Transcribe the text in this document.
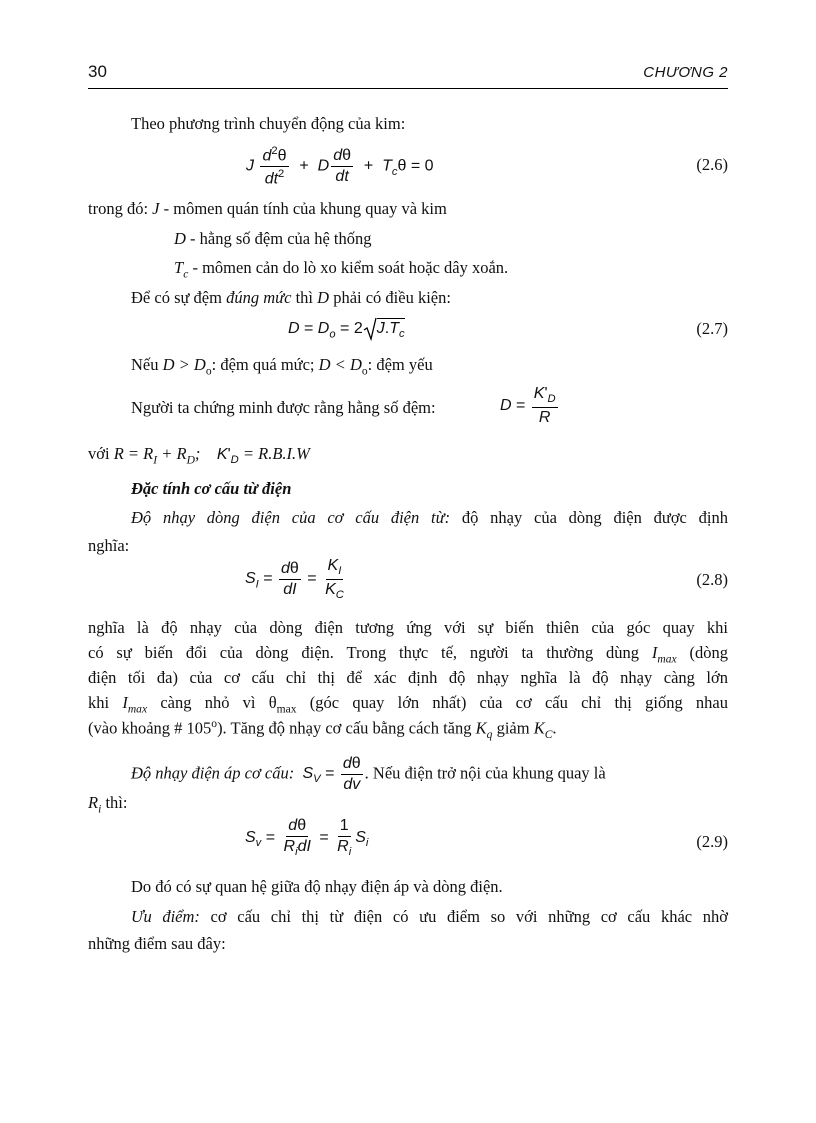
30	CHƯƠNG 2
Theo phương trình chuyển động của kim:
J $\frac{d^2\theta}{dt^2} + D \frac{d\theta}{dt} + T_c\theta = 0$	(2.6)
trong đó: J - mômen quán tính của khung quay và kim
D - hằng số đệm của hệ thống
$T_c$ - mômen cản do lò xo kiểm soát hoặc dây xoắn.
Để có sự đệm đúng mức thì D phải có điều kiện:
$D = D_o = 2$ $J.T_c$	(2.7)
Nếu $D > D_o$: đệm quá mức; $D < D_o$: đệm yếu
Người ta chứng minh được rằng hằng số đệm:	$D = \frac{K'_D}{R}$
với $R = R_I + R_D$; $K'_D = R.B.I.W$
Đặc tính cơ cấu từ điện
Độ nhạy dòng điện của cơ cấu điện từ: độ nhạy của dòng điện được định
nghĩa:
$S_I = \frac{d\theta}{dI} = \frac{K_I}{K_C}$	(2.8)
nghĩa là độ nhạy của dòng điện tương ứng với sự biến thiên của góc quay khi
có sự biến đổi của dòng điện. Trong thực tế, người ta thường dùng $I_{max}$ (dòng
điện tối đa) của cơ cấu chỉ thị để xác định độ nhạy nghĩa là độ nhạy càng lớn
khi $I_{max}$ càng nhỏ vì $\theta_{max}$ (góc quay lớn nhất) của cơ cấu chỉ thị giống nhau
(vào khoảng # 105$^o$). Tăng độ nhạy cơ cấu bằng cách tăng $K_q$ giảm $K_C$.
Độ nhạy điện áp cơ cấu: $S_V = \frac{d\theta}{dv}$ . Nếu điện trở nội của khung quay là
$R_i$ thì:
$S_v = \frac{d\theta}{R_idI} = \frac{1}{R_i} S_i$	(2.9)
Do đó có sự quan hệ giữa độ nhạy điện áp và dòng điện.
Ưu điểm: cơ cấu chỉ thị từ điện có ưu điểm so với những cơ cấu khác nhờ
những điểm sau đây:
